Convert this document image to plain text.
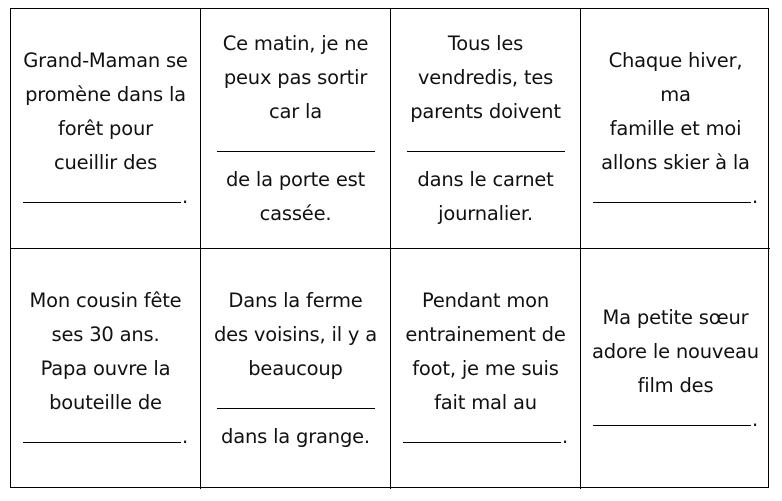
Grand-Maman se
promène dans la
forêt pour
cueillir des
.
Ce matin, je ne
peux pas sortir
car la
de la porte est
cassée.
Tous les
vendredis, tes
parents doivent
dans le carnet
journalier.
Chaque hiver, ma
famille et moi
allons skier à la
.
Mon cousin fête
ses 30 ans.
Papa ouvre la
bouteille de
.
Dans la ferme
des voisins, il y a
beaucoup
dans la grange.
Pendant mon
entrainement de
foot, je me suis
fait mal au
.
Ma petite sœur
adore le nouveau
film des
.
